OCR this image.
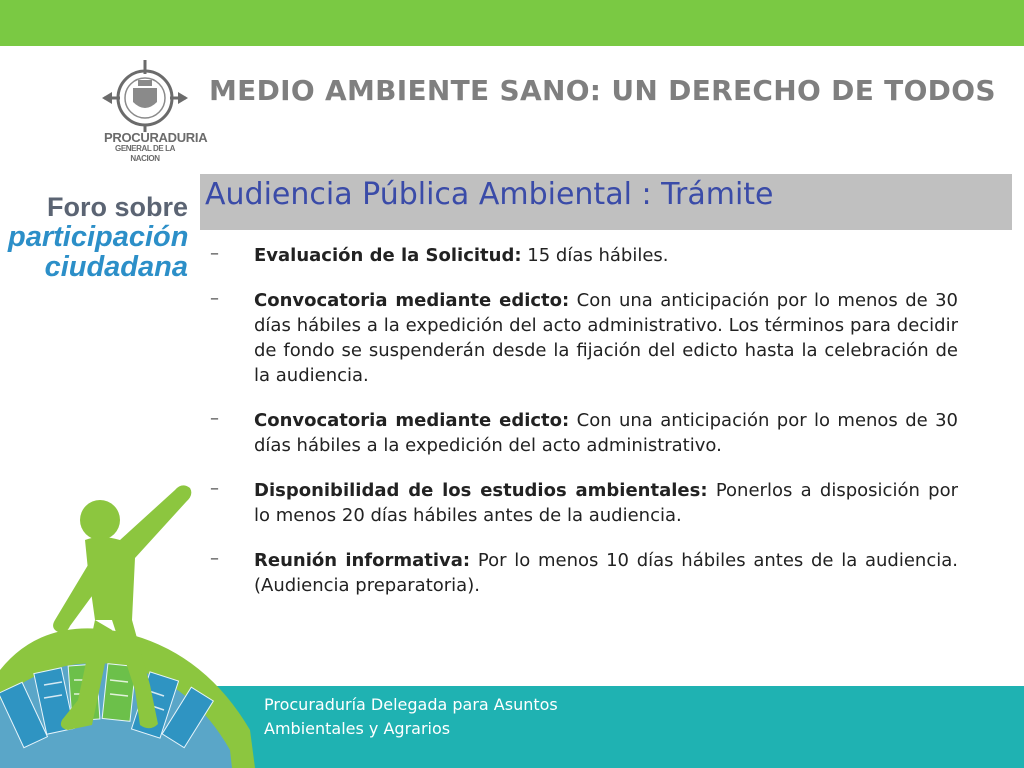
PROCURADURIA
GENERAL DE LA NACION
MEDIO AMBIENTE SANO: UN DERECHO DE TODOS
Foro sobre
participación
ciudadana
Audiencia Pública Ambiental : Trámite
– Evaluación de la Solicitud: 15 días hábiles.
– Convocatoria mediante edicto: Con una anticipación por lo menos de 30 días hábiles a la expedición del acto administrativo. Los términos para decidir de fondo se suspenderán desde la fijación del edicto hasta la celebración de la audiencia.
– Convocatoria mediante edicto: Con una anticipación por lo menos de 30 días hábiles a la expedición del acto administrativo.
– Disponibilidad de los estudios ambientales: Ponerlos a disposición por lo menos 20 días hábiles antes de la audiencia.
– Reunión informativa: Por lo menos 10 días hábiles antes de la audiencia. (Audiencia preparatoria).
Procuraduría Delegada para Asuntos
Ambientales y Agrarios
